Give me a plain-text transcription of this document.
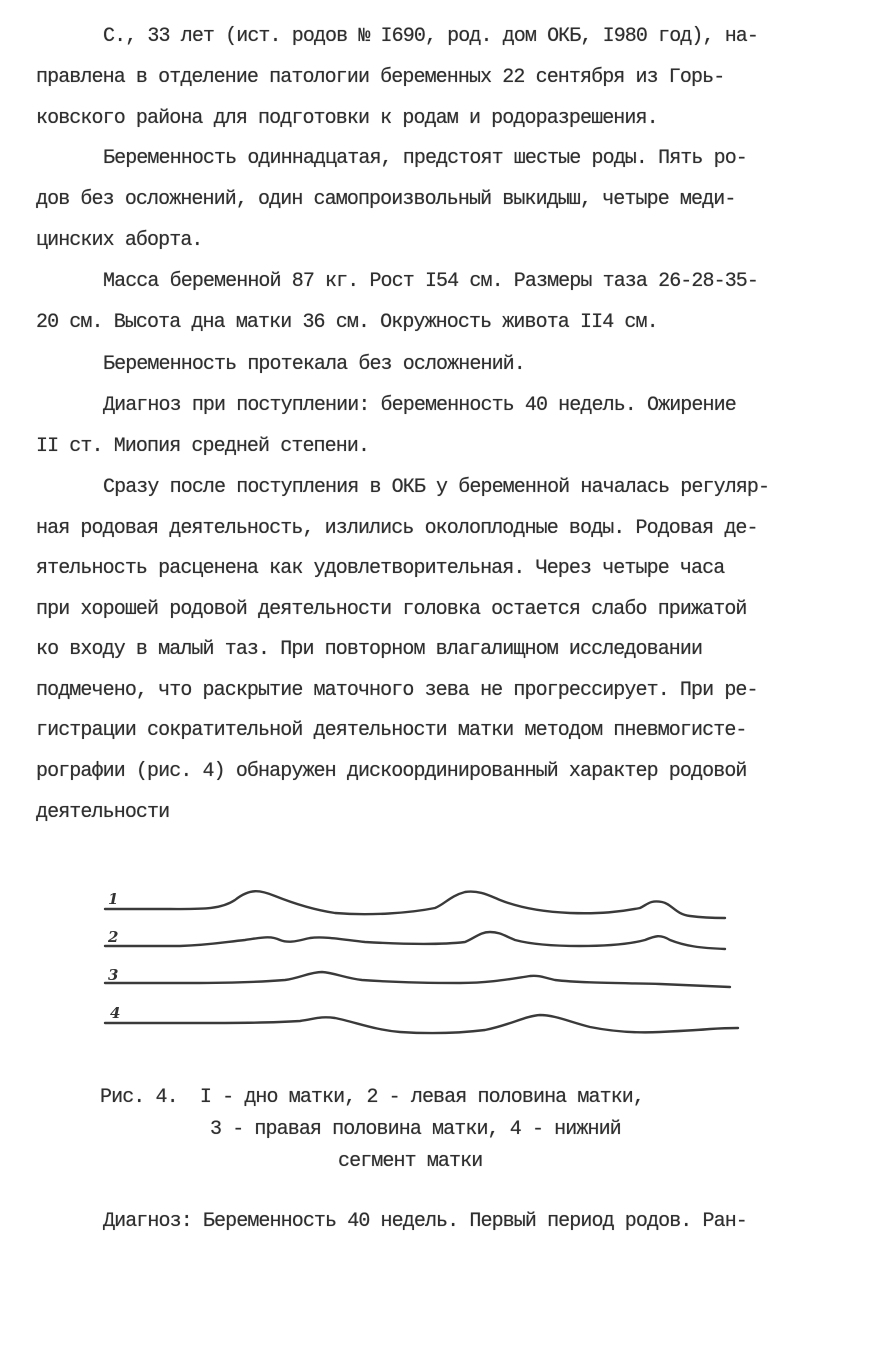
С., 33 лет (ист. родов № I690, род. дом ОКБ, I980 год), на-
правлена в отделение патологии беременных 22 сентября из Горь-
ковского района для подготовки к родам и родоразрешения.
Беременность одиннадцатая, предстоят шестые роды. Пять ро-
дов без осложнений, один самопроизвольный выкидыш, четыре меди-
цинских аборта.
Масса беременной 87 кг. Рост I54 см. Размеры таза 26-28-35-
20 см. Высота дна матки 36 см. Окружность живота II4 см.
Беременность протекала без осложнений.
Диагноз при поступлении: беременность 40 недель. Ожирение
II ст. Миопия средней степени.
Сразу после поступления в ОКБ у беременной началась регуляр-
ная родовая деятельность, излились околоплодные воды. Родовая де-
ятельность расценена как удовлетворительная. Через четыре часа
при хорошей родовой деятельности головка остается слабо прижатой
ко входу в малый таз. При повторном влагалищном исследовании
подмечено, что раскрытие маточного зева не прогрессирует. При ре-
гистрации сократительной деятельности матки методом пневмогисте-
рографии (рис. 4) обнаружен дискоординированный характер родовой
деятельности
1
2
3
4
Рис. 4.  I - дно матки, 2 - левая половина матки,
3 - правая половина матки, 4 - нижний
сегмент матки
Диагноз: Беременность 40 недель. Первый период родов. Ран-
